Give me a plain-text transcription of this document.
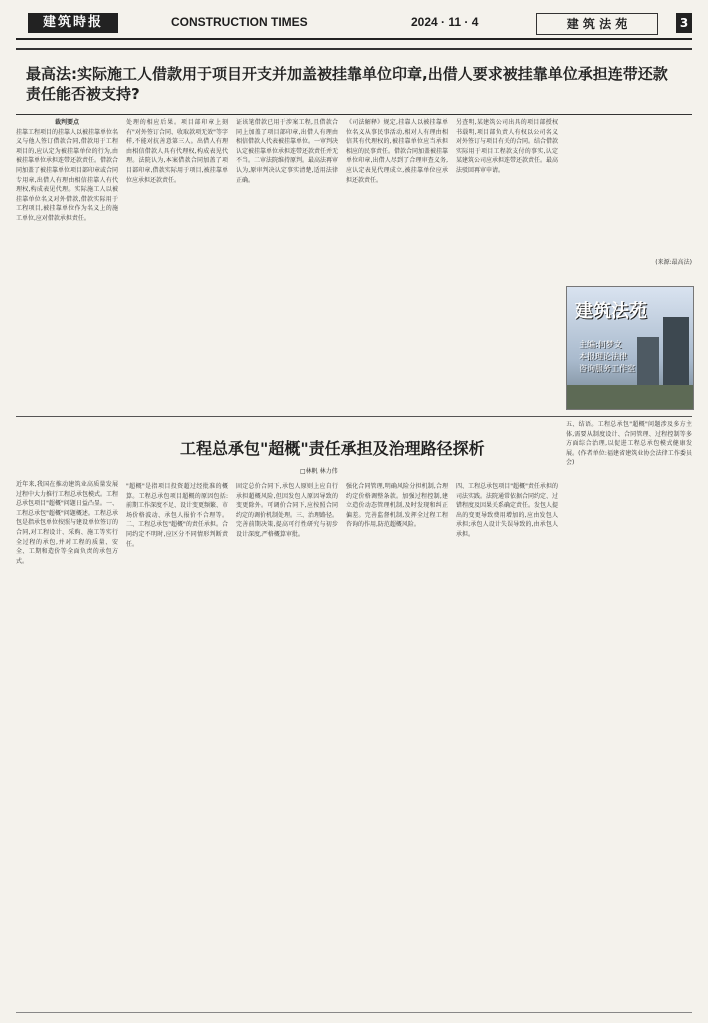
建筑時报	CONSTRUCTION TIMES	2024 · 11 · 4	建 筑 法 苑	3
最高法:实际施工人借款用于项目开支并加盖被挂靠单位印章,出借人要求被挂靠单位承担连带还款责任能否被支持?
裁判要点
挂靠工程项目的挂靠人以被挂靠单位名义与他人签订借款合同,借款用于工程项目的,应认定为被挂靠单位的行为,由被挂靠单位承担连带还款责任。借款合同加盖了被挂靠单位项目部印章或合同专用章,出借人有理由相信挂靠人有代理权,构成表见代理。实际施工人以被挂靠单位名义对外借款,借款实际用于工程项目,被挂靠单位作为名义上的施工单位,应对借款承担责任。
处理的相应后果。项目部印章上刻有"对外签订合同、收取款项无效"等字样,不能对抗善意第三人。出借人有理由相信借款人具有代理权,构成表见代理。法院认为,本案借款合同加盖了项目部印章,借款实际用于项目,被挂靠单位应承担还款责任。
证该笔借款已用于涉案工程,且借款合同上加盖了项目部印章,出借人有理由相信借款人代表被挂靠单位。一审判决认定被挂靠单位承担连带还款责任并无不当。二审法院维持原判。最高法再审认为,原审判决认定事实清楚,适用法律正确。
《司法解释》规定,挂靠人以被挂靠单位名义从事民事活动,相对人有理由相信其有代理权的,被挂靠单位应当承担相应的民事责任。借款合同加盖被挂靠单位印章,出借人尽到了合理审查义务,应认定表见代理成立,被挂靠单位应承担还款责任。
另查明,某建筑公司出具的项目部授权书载明,项目部负责人有权以公司名义对外签订与项目有关的合同。结合借款实际用于项目工程款支付的事实,认定某建筑公司应承担连带还款责任。最高法驳回再审申请。
(来源:最高法)
建筑法苑
主编:何梦文
本报理论法律
咨询服务工作室
工程总承包"超概"责任承担及治理路径探析
□林帆 林力伟
近年来,我国在推动建筑业高质量发展过程中大力推行工程总承包模式。工程总承包项目"超概"问题日益凸显。一、工程总承包"超概"问题概述。工程总承包是指承包单位按照与建设单位签订的合同,对工程设计、采购、施工等实行全过程的承包,并对工程的质量、安全、工期和造价等全面负责的承包方式。
"超概"是指项目投资超过经批准的概算。工程总承包项目超概的原因包括:前期工作深度不足、设计变更频繁、市场价格波动、承包人报价不合理等。二、工程总承包"超概"的责任承担。合同约定不明时,应区分不同情形判断责任。
固定总价合同下,承包人原则上应自行承担超概风险,但因发包人原因导致的变更除外。可调价合同下,应按照合同约定的调价机制处理。三、治理路径。完善前期决策,提高可行性研究与初步设计深度,严格概算审批。
强化合同管理,明确风险分担机制,合理约定价格调整条款。加强过程控制,建立造价动态管理机制,及时发现和纠正偏差。完善监督机制,发挥全过程工程咨询的作用,防范超概风险。
四、工程总承包项目"超概"责任承担的司法实践。法院通常依据合同约定、过错程度及因果关系确定责任。发包人提出的变更导致费用增加的,应由发包人承担;承包人设计失误导致的,由承包人承担。
五、结语。工程总承包"超概"问题涉及多方主体,需要从制度设计、合同管理、过程控制等多方面综合治理,以促进工程总承包模式健康发展。(作者单位:福建省建筑业协会法律工作委员会)
